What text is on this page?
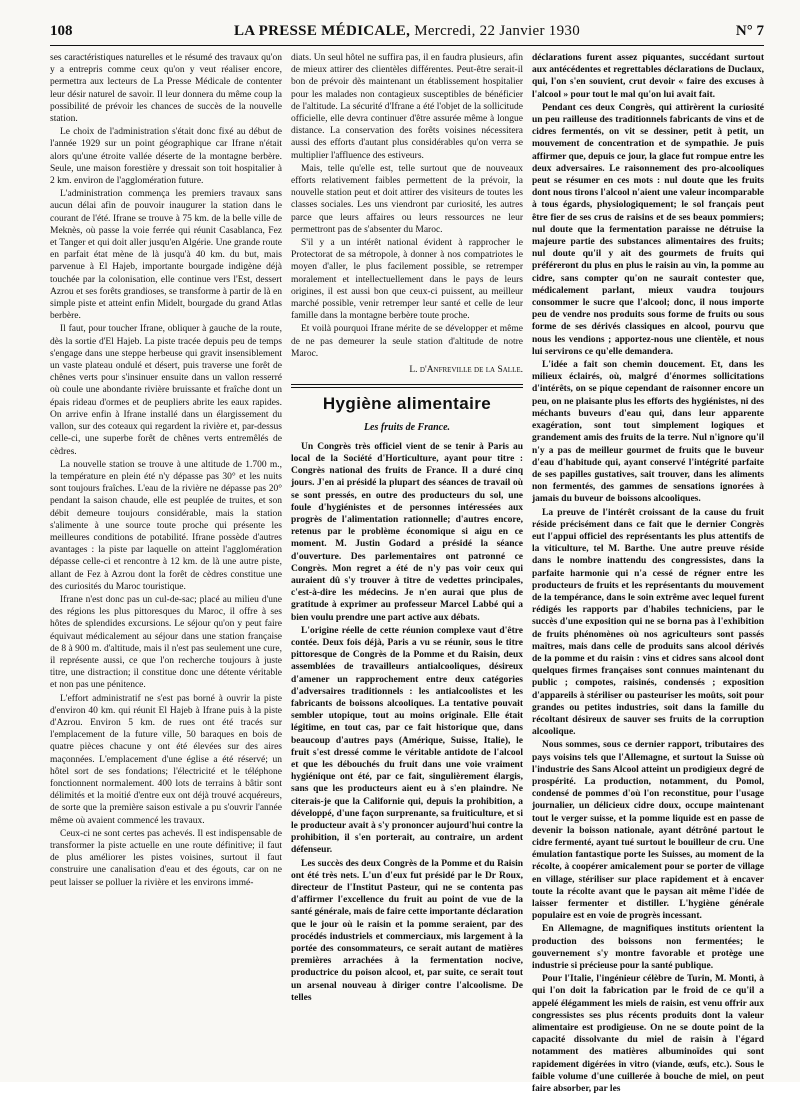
108	LA PRESSE MÉDICALE, Mercredi, 22 Janvier 1930	N° 7

ses caractéristiques naturelles et le résumé des travaux qu'on y a entrepris comme ceux qu'on y veut réaliser encore, permettra aux lecteurs de La Presse Médicale de contenter leur désir naturel de savoir. Il leur donnera du même coup la possibilité de prévoir les chances de succès de la nouvelle station.

Le choix de l'administration s'était donc fixé au début de l'année 1929 sur un point géographique car Ifrane n'était alors qu'une étroite vallée déserte de la montagne berbère. Seule, une maison forestière y dressait son toit hospitalier à 2 km. environ de l'agglomération future.

L'administration commença les premiers travaux sans aucun délai afin de pouvoir inaugurer la station dans le courant de l'été. Ifrane se trouve à 75 km. de la belle ville de Meknès, où passe la voie ferrée qui réunit Casablanca, Fez et Tanger et qui doit aller jusqu'en Algérie. Une grande route en parfait état mène de là jusqu'à 40 km. du but, mais parvenue à El Hajeb, importante bourgade indigène déjà touchée par la colonisation, elle continue vers l'Est, dessert Azrou et ses forêts grandioses, se transforme à partir de là en simple piste et atteint enfin Midelt, bourgade du grand Atlas berbère.

Il faut, pour toucher Ifrane, obliquer à gauche de la route, dès la sortie d'El Hajeb. La piste tracée depuis peu de temps s'engage dans une steppe herbeuse qui gravit insensiblement un vaste plateau ondulé et désert, puis traverse une forêt de chênes verts pour s'insinuer ensuite dans un vallon resserré où coule une abondante rivière bruissante et fraîche dont un épais rideau d'ormes et de peupliers abrite les eaux rapides. On arrive enfin à Ifrane installé dans un élargissement du vallon, sur des coteaux qui regardent la rivière et, par-dessus celle-ci, une superbe forêt de chênes verts entremêlés de cèdres.

La nouvelle station se trouve à une altitude de 1.700 m., la température en plein été n'y dépasse pas 30° et les nuits sont toujours fraîches. L'eau de la rivière ne dépasse pas 20° pendant la saison chaude, elle est peuplée de truites, et son débit demeure toujours considérable, mais la station s'alimente à une source toute proche qui présente les meilleures conditions de potabilité. Ifrane possède d'autres avantages : la piste par laquelle on atteint l'agglomération dépasse celle-ci et rencontre à 12 km. de là une autre piste, allant de Fez à Azrou dont la forêt de cèdres constitue une des curiosités du Maroc touristique.

Ifrane n'est donc pas un cul-de-sac; placé au milieu d'une des régions les plus pittoresques du Maroc, il offre à ses hôtes de splendides excursions. Le séjour qu'on y peut faire équivaut médicalement au séjour dans une station française de 8 à 900 m. d'altitude, mais il n'est pas seulement une cure, il représente aussi, ce que l'on recherche toujours à juste titre, une distraction; il constitue donc une détente véritable et non pas une pénitence.

L'effort administratif ne s'est pas borné à ouvrir la piste d'environ 40 km. qui réunit El Hajeb à Ifrane puis à la piste d'Azrou. Environ 5 km. de rues ont été tracés sur l'emplacement de la future ville, 50 baraques en bois de quatre pièces chacune y ont été élevées sur des aires maçonnées. L'emplacement d'une église a été réservé; un hôtel sort de ses fondations; l'électricité et le téléphone fonctionnent normalement. 400 lots de terrains à bâtir sont délimités et la moitié d'entre eux ont déjà trouvé acquéreurs, de sorte que la première saison estivale a pu s'ouvrir l'année même où avaient commencé les travaux.

Ceux-ci ne sont certes pas achevés. Il est indispensable de transformer la piste actuelle en une route définitive; il faut de plus améliorer les pistes voisines, surtout il faut construire une canalisation d'eau et des égouts, car on ne peut laisser se polluer la rivière et les environs immé-

diats. Un seul hôtel ne suffira pas, il en faudra plusieurs, afin de mieux attirer des clientèles différentes. Peut-être serait-il bon de prévoir dès maintenant un établissement hospitalier pour les malades non contagieux susceptibles de bénéficier de l'altitude. La sécurité d'Ifrane a été l'objet de la sollicitude officielle, elle devra continuer d'être assurée même à longue distance. La conservation des forêts voisines nécessitera aussi des efforts d'autant plus considérables qu'on verra se multiplier l'affluence des estiveurs.

Mais, telle qu'elle est, telle surtout que de nouveaux efforts relativement faibles permettent de la prévoir, la nouvelle station peut et doit attirer des visiteurs de toutes les classes sociales. Les uns viendront par curiosité, les autres parce que leurs affaires ou leurs ressources ne leur permettront pas de s'absenter du Maroc.

S'il y a un intérêt national évident à rapprocher le Protectorat de sa métropole, à donner à nos compatriotes le moyen d'aller, le plus facilement possible, se retremper moralement et intellectuellement dans le pays de leurs origines, il est aussi bon que ceux-ci puissent, au meilleur marché possible, venir retremper leur santé et celle de leur famille dans la montagne berbère toute proche.

Et voilà pourquoi Ifrane mérite de se développer et même de ne pas demeurer la seule station d'altitude de notre Maroc.

L. d'Anfreville de la Salle.
Hygiène alimentaire
Les fruits de France.

Un Congrès très officiel vient de se tenir à Paris au local de la Société d'Horticulture, ayant pour titre : Congrès national des fruits de France. Il a duré cinq jours. J'en ai présidé la plupart des séances de travail où se sont pressés, en outre des producteurs du sol, une foule d'hygiénistes et de personnes intéressées aux progrès de l'alimentation rationnelle; d'autres encore, retenus par le problème économique si aigu en ce moment. M. Justin Godard a présidé la séance d'ouverture. Des parlementaires ont patronné ce Congrès. Mon regret a été de n'y pas voir ceux qui auraient dû s'y trouver à titre de vedettes principales, c'est-à-dire les médecins. Je n'en aurai que plus de gratitude à exprimer au professeur Marcel Labbé qui a bien voulu prendre une part active aux débats.

L'origine réelle de cette réunion complexe vaut d'être contée. Deux fois déjà, Paris a vu se réunir, sous le titre pittoresque de Congrès de la Pomme et du Raisin, deux assemblées de travailleurs antialcooliques, désireux d'amener un rapprochement entre deux catégories d'adversaires traditionnels : les antialcoolistes et les fabricants de boissons alcooliques. La tentative pouvait sembler utopique, tout au moins originale. Elle était légitime, en tout cas, par ce fait historique que, dans beaucoup d'autres pays (Amérique, Suisse, Italie), le fruit s'est dressé comme le véritable antidote de l'alcool et que les débouchés du fruit dans une voie vraiment hygiénique ont été, par ce fait, singulièrement élargis, sans que les producteurs aient eu à s'en plaindre. Ne citerais-je que la Californie qui, depuis la prohibition, a développé, d'une façon surprenante, sa fruiticulture, et si le producteur avait à s'y prononcer aujourd'hui contre la prohibition, il s'en porterait, au contraire, un ardent défenseur.

Les succès des deux Congrès de la Pomme et du Raisin ont été très nets. L'un d'eux fut présidé par le Dr Roux, directeur de l'Institut Pasteur, qui ne se contenta pas d'affirmer l'excellence du fruit au point de vue de la santé générale, mais de faire cette importante déclaration que le jour où le raisin et la pomme seraient, par des procédés industriels et commerciaux, mis largement à la portée des consommateurs, ce serait autant de matières premières arrachées à la fermentation nocive, productrice du poison alcool, et, par suite, ce serait tout un arsenal nouveau à diriger contre l'alcoolisme. De telles

déclarations furent assez piquantes, succédant surtout aux antécédentes et regrettables déclarations de Duclaux, qui, l'on s'en souvient, crut devoir « faire des excuses à l'alcool » pour tout le mal qu'on lui avait fait.

Pendant ces deux Congrès, qui attirèrent la curiosité un peu railleuse des traditionnels fabricants de vins et de cidres fermentés, on vit se dessiner, petit à petit, un mouvement de concentration et de sympathie. Je puis affirmer que, depuis ce jour, la glace fut rompue entre les deux adversaires. Le raisonnement des pro-alcooliques peut se résumer en ces mots : nul doute que les fruits dont nous tirons l'alcool n'aient une valeur incomparable à tous égards, physiologiquement; le sol français peut être fier de ses crus de raisins et de ses beaux pommiers; nul doute que la fermentation paraisse ne détruise la majeure partie des substances alimentaires des fruits; nul doute qu'il y ait des gourmets de fruits qui préféreront du plus en plus le raisin au vin, la pomme au cidre, sans compter qu'on ne saurait contester que, médicalement parlant, mieux vaudra toujours consommer le sucre que l'alcool; donc, il nous importe peu de vendre nos produits sous forme de fruits ou sous forme de ses dérivés classiques en alcool, pourvu que nous les vendions ; apportez-nous une clientèle, et nous lui servirons ce qu'elle demandera.

L'idée a fait son chemin doucement. Et, dans les milieux éclairés, où, malgré d'énormes sollicitations d'intérêts, on se pique cependant de raisonner encore un peu, on ne plaisante plus les efforts des hygiénistes, ni des méchants buveurs d'eau qui, dans leur apparente exagération, sont tout simplement logiques et grandement amis des fruits de la terre. Nul n'ignore qu'il n'y a pas de meilleur gourmet de fruits que le buveur d'eau d'habitude qui, ayant conservé l'intégrité parfaite de ses papilles gustatives, sait trouver, dans les aliments non fermentés, des gammes de sensations ignorées à jamais du buveur de boissons alcooliques.

La preuve de l'intérêt croissant de la cause du fruit réside précisément dans ce fait que le dernier Congrès eut l'appui officiel des représentants les plus attentifs de la viticulture, tel M. Barthe. Une autre preuve réside dans le nombre inattendu des congressistes, dans la parfaite harmonie qui n'a cessé de régner entre les producteurs de fruits et les représentants du mouvement de la tempérance, dans le soin extrême avec lequel furent rédigés les rapports par d'habiles techniciens, par le succès d'une exposition qui ne se borna pas à l'exhibition de fruits phénomènes où nos agriculteurs sont passés maîtres, mais dans celle de produits sans alcool dérivés de la pomme et du raisin : vins et cidres sans alcool dont quelques firmes françaises sont connues maintenant du public ; compotes, raisinés, condensés ; exposition d'appareils à stériliser ou pasteuriser les moûts, soit pour grandes ou petites industries, soit dans la famille du récoltant désireux de sauver ses fruits de la corruption alcoolique.

Nous sommes, sous ce dernier rapport, tributaires des pays voisins tels que l'Allemagne, et surtout la Suisse où l'industrie des Sans Alcool atteint un prodigieux degré de prospérité. La production, notamment, du Pomol, condensé de pommes d'où l'on reconstitue, pour l'usage journalier, un délicieux cidre doux, occupe maintenant tout le verger suisse, et la pomme liquide est en passe de devenir la boisson nationale, ayant détrôné partout le cidre fermenté, ayant tué surtout le bouilleur de cru. Une émulation fantastique porte les Suisses, au moment de la récolte, à coopérer amicalement pour se porter de village en village, stériliser sur place rapidement et à encaver toute la récolte avant que le paysan ait même l'idée de laisser fermenter et distiller. L'hygiène générale populaire est en voie de progrès incessant.

En Allemagne, de magnifiques instituts orientent la production des boissons non fermentées; le gouvernement s'y montre favorable et protège une industrie si précieuse pour la santé publique.

Pour l'Italie, l'ingénieur célèbre de Turin, M. Monti, à qui l'on doit la fabrication par le froid de ce qu'il a appelé élégamment les miels de raisin, est venu offrir aux congressistes ses plus récents produits dont la valeur alimentaire est prodigieuse. On ne se doute point de la capacité dissolvante du miel de raisin à l'égard notamment des matières albuminoïdes qui sont rapidement digérées in vitro (viande, œufs, etc.). Sous le faible volume d'une cuillerée à bouche de miel, on peut faire absorber, par les
